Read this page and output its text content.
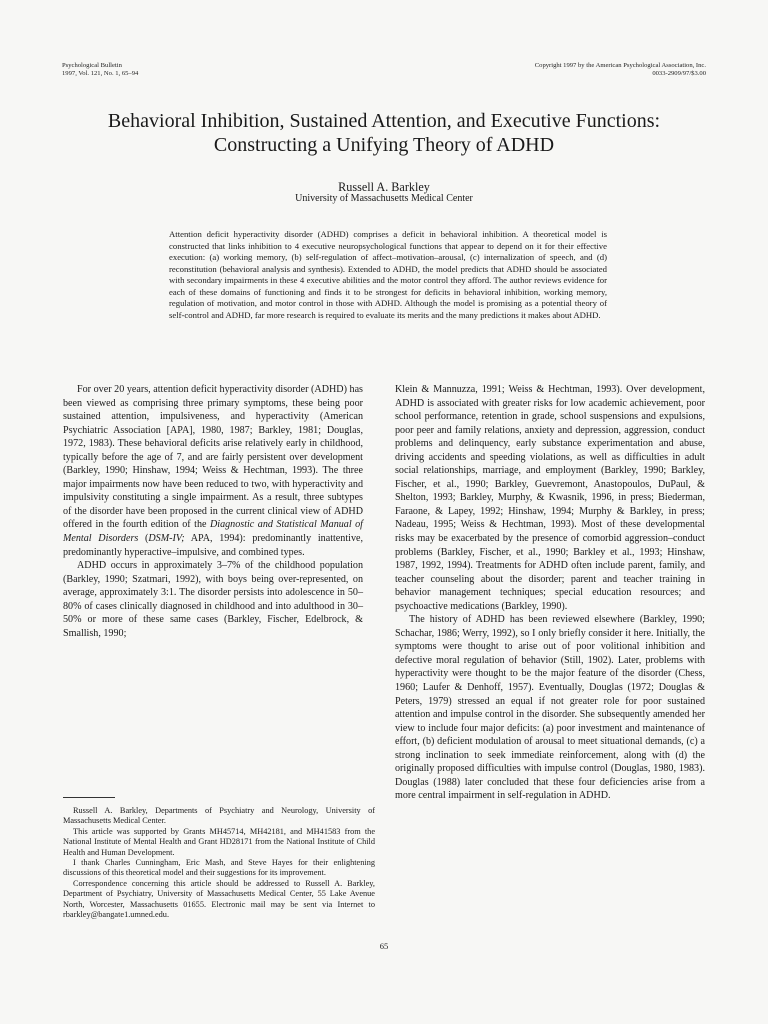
Psychological Bulletin
1997, Vol. 121, No. 1, 65–94
Copyright 1997 by the American Psychological Association, Inc.
0033-2909/97/$3.00
Behavioral Inhibition, Sustained Attention, and Executive Functions:
Constructing a Unifying Theory of ADHD
Russell A. Barkley
University of Massachusetts Medical Center

Attention deficit hyperactivity disorder (ADHD) comprises a deficit in behavioral inhibition. A theoretical model is constructed that links inhibition to 4 executive neuropsychological functions that appear to depend on it for their effective execution: (a) working memory, (b) self-regulation of affect–motivation–arousal, (c) internalization of speech, and (d) reconstitution (behavioral analysis and synthesis). Extended to ADHD, the model predicts that ADHD should be associated with secondary impairments in these 4 executive abilities and the motor control they afford. The author reviews evidence for each of these domains of functioning and finds it to be strongest for deficits in behavioral inhibition, working memory, regulation of motivation, and motor control in those with ADHD. Although the model is promising as a potential theory of self-control and ADHD, far more research is required to evaluate its merits and the many predictions it makes about ADHD.

For over 20 years, attention deficit hyperactivity disorder (ADHD) has been viewed as comprising three primary symptoms, these being poor sustained attention, impulsiveness, and hyperactivity (American Psychiatric Association [APA], 1980, 1987; Barkley, 1981; Douglas, 1972, 1983). These behavioral deficits arise relatively early in childhood, typically before the age of 7, and are fairly persistent over development (Barkley, 1990; Hinshaw, 1994; Weiss & Hechtman, 1993). The three major impairments now have been reduced to two, with hyperactivity and impulsivity constituting a single impairment. As a result, three subtypes of the disorder have been proposed in the current clinical view of ADHD offered in the fourth edition of the Diagnostic and Statistical Manual of Mental Disorders (DSM-IV; APA, 1994): predominantly inattentive, predominantly hyperactive–impulsive, and combined types.

ADHD occurs in approximately 3–7% of the childhood population (Barkley, 1990; Szatmari, 1992), with boys being over-represented, on average, approximately 3:1. The disorder persists into adolescence in 50–80% of cases clinically diagnosed in childhood and into adulthood in 30–50% or more of these same cases (Barkley, Fischer, Edelbrock, & Smallish, 1990;

Russell A. Barkley, Departments of Psychiatry and Neurology, University of Massachusetts Medical Center.

This article was supported by Grants MH45714, MH42181, and MH41583 from the National Institute of Mental Health and Grant HD28171 from the National Institute of Child Health and Human Development.

I thank Charles Cunningham, Eric Mash, and Steve Hayes for their enlightening discussions of this theoretical model and their suggestions for its improvement.

Correspondence concerning this article should be addressed to Russell A. Barkley, Department of Psychiatry, University of Massachusetts Medical Center, 55 Lake Avenue North, Worcester, Massachusetts 01655. Electronic mail may be sent via Internet to rbarkley@bangate1.umned.edu.

Klein & Mannuzza, 1991; Weiss & Hechtman, 1993). Over development, ADHD is associated with greater risks for low academic achievement, poor school performance, retention in grade, school suspensions and expulsions, poor peer and family relations, anxiety and depression, aggression, conduct problems and delinquency, early substance experimentation and abuse, driving accidents and speeding violations, as well as difficulties in adult social relationships, marriage, and employment (Barkley, 1990; Barkley, Fischer, et al., 1990; Barkley, Guevremont, Anastopoulos, DuPaul, & Shelton, 1993; Barkley, Murphy, & Kwasnik, 1996, in press; Biederman, Faraone, & Lapey, 1992; Hinshaw, 1994; Murphy & Barkley, in press; Nadeau, 1995; Weiss & Hechtman, 1993). Most of these developmental risks may be exacerbated by the presence of comorbid aggression–conduct problems (Barkley, Fischer, et al., 1990; Barkley et al., 1993; Hinshaw, 1987, 1992, 1994). Treatments for ADHD often include parent, family, and teacher counseling about the disorder; parent and teacher training in behavior management techniques; special education resources; and psychoactive medications (Barkley, 1990).

The history of ADHD has been reviewed elsewhere (Barkley, 1990; Schachar, 1986; Werry, 1992), so I only briefly consider it here. Initially, the symptoms were thought to arise out of poor volitional inhibition and defective moral regulation of behavior (Still, 1902). Later, problems with hyperactivity were thought to be the major feature of the disorder (Chess, 1960; Laufer & Denhoff, 1957). Eventually, Douglas (1972; Douglas & Peters, 1979) stressed an equal if not greater role for poor sustained attention and impulse control in the disorder. She subsequently amended her view to include four major deficits: (a) poor investment and maintenance of effort, (b) deficient modulation of arousal to meet situational demands, (c) a strong inclination to seek immediate reinforcement, along with (d) the originally proposed difficulties with impulse control (Douglas, 1980, 1983). Douglas (1988) later concluded that these four deficiencies arise from a more central impairment in self-regulation in ADHD.

65
